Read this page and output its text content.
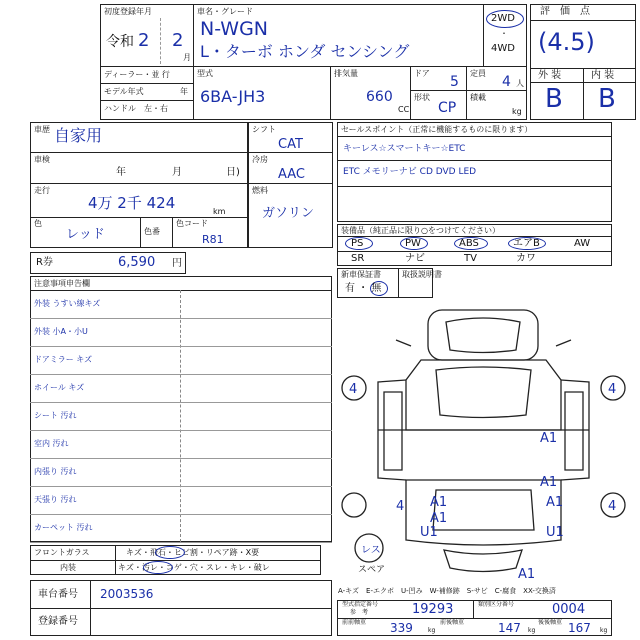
初度登録年月
令和 2 2
月
車名・グレード
N-WGN
L・ターボ ホンダ センシング
2WD
・
4WD
ディーラー・並 行
モデル年式	年
ハンドル　左・右
型式
6BA-JH3
排気量
660
CC
ドア
5
定員
4 人
形状
CP
積載
kg
評　価　点
(4.5)
外 装	内 装
B B
車歴 自家用
車検
年	月	日)
走行
4万 2千 424	km
色
レッド	色番
色コード
R81
シフト
CAT
冷房
AAC
燃料
ガソリン
R券	6,590 円
セールスポイント（正常に機能するものに限ります）
キーレス☆スマートキー☆ETC
ETC メモリーナビ CD DVD LED
装備品（純正品に限り○をつけてください）
PS	PW	ABS	エアB	AW
SR	ナビ	TV	カワ
新車保証書	取扱説明書
有 ・ 無
注意事項申告欄
外装 うすい線キズ
外装 小A・小U
ドアミラー キズ
ホイール キズ
シート 汚れ
室内 汚れ
内張り 汚れ
天張り 汚れ
カーペット 汚れ
フロントガラス	キズ・飛石・ヒビ割・リペア跡・X要
内装	キズ・汚レ・コゲ・穴・スレ・キレ・破レ
4	4
4	4
A1
A1
A1
A1
A1
U1	U1
A1
レス
スペア
A-キズ　E-エクボ　U-凹み　W-補修跡　S-サビ　C-腐食　XX-交換済
車台番号 2003536
登録番号
型式指定番号
参　考	19293	類別区分番号	0004
前前軸重 339	kg
前後軸重	147 kg
後後軸重 167 kg
